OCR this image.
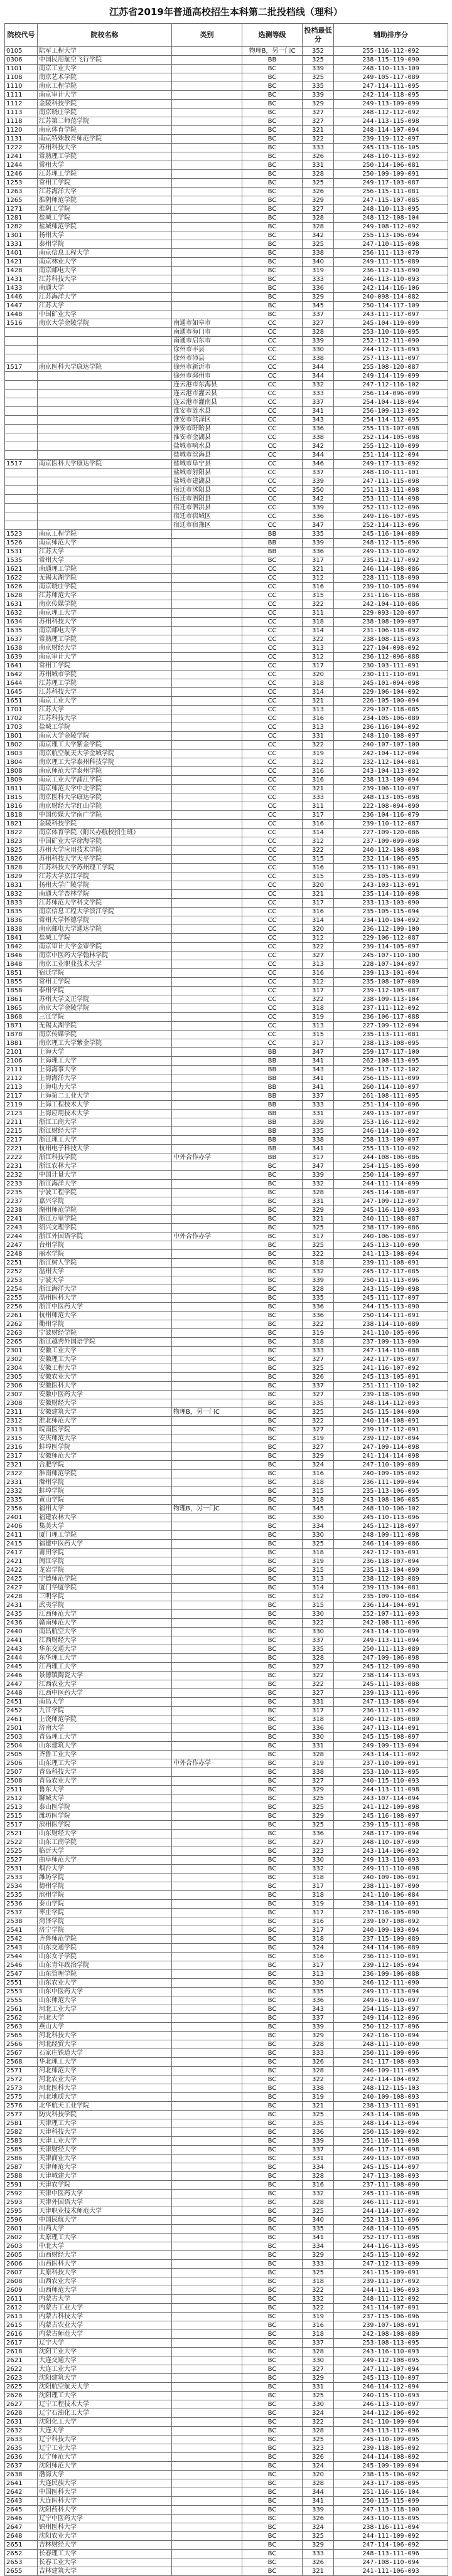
江苏省2019年普通高校招生本科第二批投档线（理科）
院校代号	院校名称	类别	选测等级	投档最低分	辅助排序分
0105	陆军工程大学		物理B，另一门C	352	255-116-112-092
0306	中国民用航空飞行学院		BB	325	238-115-119-090
1101	南京工业大学		BC	339	248-110-113-109
1108	南京艺术学院		BC	325	249-105-117-089
1110	南京工程学院		BC	335	247-114-111-095
1111	南京审计大学		BC	339	242-114-118-095
1112	金陵科技学院		BC	329	249-113-109-099
1113	南京晓庄学院		BC	327	248-112-112-092
1118	江苏第二师范学院		BC	327	244-113-115-098
1120	南京体育学院		BC	321	248-114-107-094
1131	南京特殊教育师范学院		BC	322	239-119-112-097
1222	苏州科技大学		BC	333	245-113-116-105
1241	常熟理工学院		BC	326	248-110-113-092
1244	常州大学		BC	331	250-114-106-081
1246	江苏理工学院		BC	328	250-109-109-091
1253	常州工学院		BC	325	249-117-103-087
1263	江苏海洋大学		BC	326	256-115-111-081
1265	淮阴师范学院		BC	329	247-115-107-085
1271	淮阴工学院		BC	327	248-110-113-095
1281	盐城工学院		BC	328	248-112-108-104
1282	盐城师范学院		BC	328	249-108-112-092
1301	扬州大学		BC	342	255-113-106-094
1331	泰州学院		BC	325	247-110-115-098
1401	南京信息工程大学		BC	338	256-111-113-079
1421	南京林业大学		BC	340	249-111-115-089
1428	南京邮电大学		BC	319	236-112-113-090
1431	江苏科技大学		BC	333	246-113-110-093
1433	南通大学		BC	336	242-114-116-106
1446	江苏海洋大学		BC	329	240-098-114-082
1447	江苏大学		BC	345	250-114-117-109
1448	中国矿业大学		BC	337	243-111-117-097
1516	南京大学金陵学院	南通市如皋市	CC	327	245-104-119-099
		南通市海门市	CC	328	253-110-110-095
		南通市启东市	CC	339	252-112-111-090
		徐州市丰县	CC	330	244-112-113-093
		徐州市沛县	CC	338	257-113-111-097
1517	南京医科大学康达学院	徐州市新沂市	CC	344	255-108-120-087
		徐州市邳州市	CC	344	249-114-119-099
		连云港市东海县	CC	332	247-112-116-102
		连云港市灌云县	CC	333	256-114-096-099
		连云港市灌南县	CC	337	254-104-118-094
		淮安市涟水县	CC	341	256-109-113-092
		淮安市洪泽区	CC	343	254-114-112-095
		淮安市盱眙县	CC	336	255-113-107-098
		淮安市金湖县	CC	338	252-114-105-098
		盐城市响水县	CC	342	255-112-110-099
		盐城市滨海县	CC	344	251-114-112-094
1517	南京医科大学康达学院	盐城市阜宁县	CC	346	249-117-113-092
		盐城市射阳县	CC	337	248-110-111-101
		盐城市建湖县	CC	339	247-111-115-098
		宿迁市沭阳县	CC	350	251-113-111-098
		宿迁市泗阳县	CC	342	253-111-114-098
		宿迁市泗洪县	CC	339	252-111-112-096
		宿迁市宿城区	CC	336	249-116-107-095
		宿迁市宿豫区	CC	347	252-114-113-096
1523	南京工程学院		BB	335	245-116-104-089
1526	南京师范大学		BB	339	248-112-115-096
1531	江苏大学		BB	336	249-113-110-092
1535	常州大学		BC	317	235-112-117-092
1621	南通理工学院		CC	321	246-114-108-086
1622	无锡太湖学院		CC	312	228-111-118-090
1626	南京晓庄学院		CC	316	239-110-105-094
1628	江苏师范大学		CC	315	231-116-116-088
1631	南京传媒学院		CC	322	242-104-110-086
1632	南京理工大学		CC	311	229-093-120-097
1634	苏州科技大学		CC	318	238-108-109-097
1635	南京邮电大学		CC	314	231-106-118-092
1637	常熟理工学院		CC	322	238-108-115-093
1638	南京财经大学		CC	313	227-104-098-092
1639	南京审计大学		CC	312	236-112-096-088
1641	常州工学院		CC	317	230-103-111-091
1642	苏州城市学院		CC	320	230-111-110-091
1644	江苏理工学院		CC	318	245-101-094-098
1645	江苏科技大学		CC	314	229-106-104-092
1651	南京工业大学		CC	321	226-105-100-094
1701	江苏大学		CC	313	229-107-118-085
1702	江苏科技大学		CC	316	234-105-106-089
1703	盐城工学院		CC	313	236-116-104-092
1801	南京大学金陵学院		CC	331	248-110-108-097
1802	南京理工大学紫金学院		CC	322	240-107-107-100
1803	南京航空航天大学金城学院		CC	319	242-104-112-094
1804	南京理工大学泰州科技学院		CC	312	232-112-104-081
1808	南京师范大学泰州学院		CC	316	243-104-113-092
1809	南京工业大学浦江学院		CC	316	238-113-109-094
1811	南京师范大学中北学院		CC	321	239-106-110-097
1815	南京医科大学康达学院		CC	333	248-113-105-098
1816	南京财经大学红山学院		CC	311	222-108-094-090
1818	中国传媒大学南广学院		CC	317	236-104-116-079
1821	金陵科技学院		CC	316	239-110-112-087
1822	南京体育学院（附民办航校招生班）		CC	314	227-109-120-086
1823	中国矿业大学徐海学院		CC	312	237-109-099-098
1825	苏州大学应用技术学院		CC	322	240-112-108-098
1826	苏州科技大学天平学院		CC	315	232-114-106-095
1828	江苏科技大学苏州理工学院		CC	316	235-111-106-091
1829	江苏大学京江学院		CC	315	235-105-113-099
1831	扬州大学广陵学院		CC	320	243-103-113-091
1832	南通大学杏林学院		CC	321	235-114-110-098
1833	江苏师范大学科文学院		CC	317	233-113-103-090
1835	南京信息工程大学滨江学院		CC	316	235-105-115-094
1836	常州大学怀德学院		CC	314	234-110-104-092
1838	南京邮电大学通达学院		CC	320	236-112-109-100
1841	盐城工学院		CC	312	229-106-112-087
1842	南京审计大学金审学院		CC	322	239-114-105-097
1846	南京中医药大学翰林学院		CC	327	245-107-110-100
1848	南京工业职业技术大学		CC	313	228-107-104-097
1851	宿迁学院		CC	316	239-113-101-094
1855	常州工学院		CC	312	235-108-107-089
1858	泰州学院		CC	317	239-112-105-087
1861	苏州大学文正学院		CC	322	238-109-113-104
1865	南京大学金陵学院		CC	318	237-111-112-092
1868	三江学院		CC	319	236-106-117-088
1871	无锡太湖学院		CC	313	227-109-112-094
1878	南京传媒学院		CC	315	235-113-111-081
1881	南京理工大学紫金学院		CC	317	238-113-108-095
2101	上海大学		BB	347	259-117-117-100
2106	上海理工大学		BB	341	262-108-113-095
2111	上海海事大学		BB	343	256-117-112-102
2112	上海海洋大学		BB	341	256-115-111-099
2113	上海电力大学		BB	341	260-114-110-097
2117	上海第二工业大学		BB	337	261-108-111-095
2119	上海工程技术大学		BB	333	251-114-110-096
2123	上海应用技术大学		BB	331	249-113-107-097
2211	浙江工商大学		BB	339	253-116-112-092
2215	浙江财经大学		BB	335	246-114-110-092
2217	浙江理工大学		BB	338	258-113-109-097
2221	杭州电子科技大学		BB	341	255-113-110-092
2222	浙江科技学院	中外合作办学	BB	317	244-108-106-086
2231	浙江农林大学		BC	347	254-115-105-090
2232	中国计量大学		BC	339	250-114-109-097
2233	浙江海洋大学		BC	332	244-111-114-099
2235	宁波工程学院		BC	328	245-114-108-097
2237	嘉兴学院		BC	331	247-109-112-097
2238	湖州师范学院		BC	329	245-116-110-093
2241	浙江万里学院		BC	321	240-111-108-087
2243	绍兴文理学院		BC	325	238-117-109-086
2244	浙江外国语学院	中外合作办学	BC	317	240-106-108-097
2247	台州学院		BC	325	245-113-110-090
2248	丽水学院		BC	322	241-113-108-094
2251	浙江树人学院		BC	318	239-111-108-091
2252	温州大学		BC	332	245-112-117-085
2253	宁波大学		BC	339	250-111-113-096
2254	浙江海洋大学		BC	328	243-115-109-098
2255	温州医科大学		BC	335	245-111-117-097
2256	浙江中医药大学		BC	336	244-115-113-090
2261	杭州师范大学		BC	336	250-114-111-091
2262	衢州学院		BC	322	238-114-110-089
2263	宁波财经学院		BC	319	241-110-105-096
2265	浙江越秀外国语学院		BC	318	237-109-113-090
2301	安徽工业大学		BC	333	247-114-110-088
2302	安徽理工大学		BC	327	242-117-105-097
2304	安徽工程大学		BC	325	241-116-107-092
2305	安徽农业大学		BC	326	245-113-105-091
2306	安徽医科大学		BC	337	251-111-110-102
2307	安徽中医药大学		BC	327	239-118-105-090
2308	安徽财经大学		BC	335	248-114-112-093
2311	安徽建筑大学	物理B，另一门C	BC	325	245-115-104-090
2312	淮北师范大学		BC	322	240-114-108-091
2313	皖南医学院		BC	327	239-117-112-091
2315	安庆师范大学		BC	319	239-112-107-094
2316	蚌埠医学院		BC	327	247-109-114-098
2317	安徽师范大学		BC	329	241-114-114-098
2321	合肥学院		BC	324	247-110-109-089
2322	淮南师范学院		BC	316	240-109-105-092
2331	滁州学院		BC	318	236-111-109-094
2332	蚌埠学院		BC	315	235-113-106-095
2335	黄山学院		BC	318	243-108-106-085
2356	福州大学	物理B，另一门C	BC	345	248-110-106-102
2401	福建农林大学		BC	330	245-110-113-096
2406	集美大学		BC	334	245-112-118-097
2411	厦门理工学院		BC	330	248-109-111-098
2415	福建中医药大学		BC	325	246-114-109-086
2417	莆田学院		BC	318	242-112-103-091
2421	闽江学院		BC	319	236-118-107-094
2422	龙岩学院		BC	315	235-113-104-090
2425	宁德师范学院		BC	313	238-112-103-089
2427	厦门华厦学院		BC	314	239-113-104-081
2428	三明学院		BC	312	235-109-110-084
2431	武夷学院		BC	315	236-114-104-091
2435	江西师范大学		BC	330	252-107-111-093
2436	赣南师范大学		BC	322	242-108-111-096
2440	南昌航空大学		BC	330	243-114-110-099
2441	江西财经大学		BC	337	249-113-111-094
2443	华东交通大学		BC	335	250-111-113-089
2444	东华理工大学		BC	328	247-109-106-098
2445	江西理工大学		BC	327	245-112-109-090
2446	景德镇陶瓷大学		BC	322	238-114-113-093
2447	江西农业大学		BC	322	245-111-103-088
2448	江西中医药大学		BC	327	239-113-111-096
2451	南昌大学		BC	331	247-113-108-094
2452	九江学院		BC	317	236-111-111-092
2461	上饶师范学院		BC	318	240-112-105-089
2501	济南大学		BC	336	247-113-114-091
2503	青岛理工大学		BC	330	245-115-108-097
2504	山东建筑大学		BC	331	249-109-113-094
2505	齐鲁工业大学		BC	328	243-114-111-092
2506	山东理工大学	中外合作办学	BC	319	237-110-109-091
2507	青岛科技大学		BC	338	253-110-113-095
2508	青岛农业大学		BC	327	240-115-110-093
2511	鲁东大学		BC	329	244-113-111-098
2512	聊城大学		BC	325	243-107-114-094
2513	泰山医学院		BC	325	241-112-109-098
2515	潍坊医学院		BC	329	245-116-108-097
2517	滨州医学院		BC	325	239-115-111-098
2521	山东财经大学		BC	336	248-117-109-094
2522	山东工商学院		BC	327	248-110-107-090
2525	临沂大学		BC	323	243-114-106-092
2527	曲阜师范大学		BC	330	249-113-110-093
2531	烟台大学		BC	332	249-111-110-098
2533	潍坊学院		BC	318	240-109-106-091
2534	德州学院		BC	317	238-111-107-090
2535	滨州学院		BC	318	241-110-106-084
2536	泰山学院		BC	319	238-114-110-091
2537	枣庄学院		BC	317	237-116-105-090
2538	菏泽学院		BC	316	239-107-108-092
2541	济宁学院		BC	317	240-109-103-094
2542	齐鲁师范学院		BC	318	237-115-109-089
2543	山东交通学院		BC	324	244-114-106-089
2544	山东女子学院		BC	316	236-111-110-091
2546	山东青年政治学院		BC	317	239-112-105-094
2547	山东管理学院		BC	313	236-109-106-088
2551	山东农业大学		BC	330	246-112-111-090
2553	山东中医药大学		BC	335	249-111-113-094
2555	山东师范大学		BC	336	249-116-110-097
2561	河北工业大学		BC	343	254-115-113-097
2562	河北大学		BC	337	249-114-112-096
2563	燕山大学		BC	339	250-112-117-096
2565	河北科技大学		BC	329	242-116-110-094
2566	河北经贸大学		BC	328	248-111-110-090
2567	石家庄铁道大学		BC	333	250-111-109-096
2568	华北理工大学		BC	326	241-117-108-093
2571	河北师范大学		BC	328	246-109-111-095
2572	河北农业大学		BC	322	242-114-104-092
2573	河北医科大学		BC	338	248-112-115-103
2575	河北地质大学		BC	319	240-109-108-093
2576	北华航天工业学院		BC	321	238-113-111-091
2577	防灾科技学院		BC	325	243-114-108-096
2581	天津理工大学		BC	335	248-114-113-094
2582	天津科技大学		BC	336	250-115-109-092
2583	天津工业大学		BC	339	251-116-111-098
2585	天津财经大学		BC	337	246-117-114-098
2586	天津商业大学		BC	331	249-113-107-090
2587	天津师范大学		BC	334	245-115-114-097
2588	天津城建大学		BC	328	247-113-108-093
2591	天津农学院		BC	316	237-111-108-090
2592	天津中医药大学		BC	332	245-111-116-098
2593	天津外国语大学		BC	328	246-111-112-091
2595	天津职业技术师范大学		BC	325	244-114-107-092
2596	中国民航大学		BC	340	252-113-111-096
2601	山西大学		BC	335	248-114-110-095
2602	太原理工大学		BC	341	252-117-111-098
2603	中北大学		BC	334	244-116-113-095
2605	山西财经大学		BC	329	245-115-110-092
2606	山西医科大学		BC	333	247-112-113-099
2607	太原科技大学		BC	325	241-115-109-091
2608	山西农业大学		BC	318	239-111-107-092
2609	山西师范大学		BC	322	244-111-106-093
2611	内蒙古大学		BC	332	248-111-112-092
2612	内蒙古工业大学		BC	322	241-114-107-091
2613	内蒙古科技大学		BC	319	237-115-106-096
2615	内蒙古农业大学		BC	316	239-107-108-091
2616	内蒙古师范大学		BC	318	242-108-108-089
2617	辽宁大学		BC	337	253-108-113-095
2618	沈阳工业大学		BC	328	243-116-110-093
2621	大连交通大学		BC	330	249-112-108-095
2622	大连工业大学		BC	327	247-111-107-094
2623	沈阳建筑大学		BC	329	245-113-110-097
2625	沈阳航空航天大学		BC	331	246-114-112-094
2626	沈阳理工大学		BC	325	240-115-110-093
2627	辽宁工程技术大学		BC	330	246-113-110-097
2628	辽宁石油化工大学		BC	324	244-112-106-092
2631	沈阳化工大学		BC	322	241-110-109-094
2632	大连大学		BC	328	243-113-112-096
2633	辽宁科技大学		BC	325	245-110-109-095
2635	辽宁工业大学		BC	323	239-118-105-092
2636	辽宁师范大学		BC	326	244-114-108-092
2637	沈阳师范大学		BC	324	245-109-109-094
2638	渤海大学		BC	320	238-115-106-092
2641	大连民族大学		BC	328	243-117-108-095
2642	中国医科大学		BC	344	251-116-116-104
2643	大连医科大学		BC	341	250-115-115-099
2645	沈阳药科大学		BC	339	247-113-118-100
2646	辽宁中医药大学		BC	326	243-110-113-095
2647	锦州医科大学		BC	324	238-116-111-094
2648	沈阳农业大学		BC	325	244-111-109-092
2651	吉林财经大学		BC	329	247-114-106-092
2652	长春理工大学		BC	333	248-113-111-096
2653	长春工业大学		BC	326	247-108-110-094
2655	吉林建筑大学		BC	321	241-111-106-093
